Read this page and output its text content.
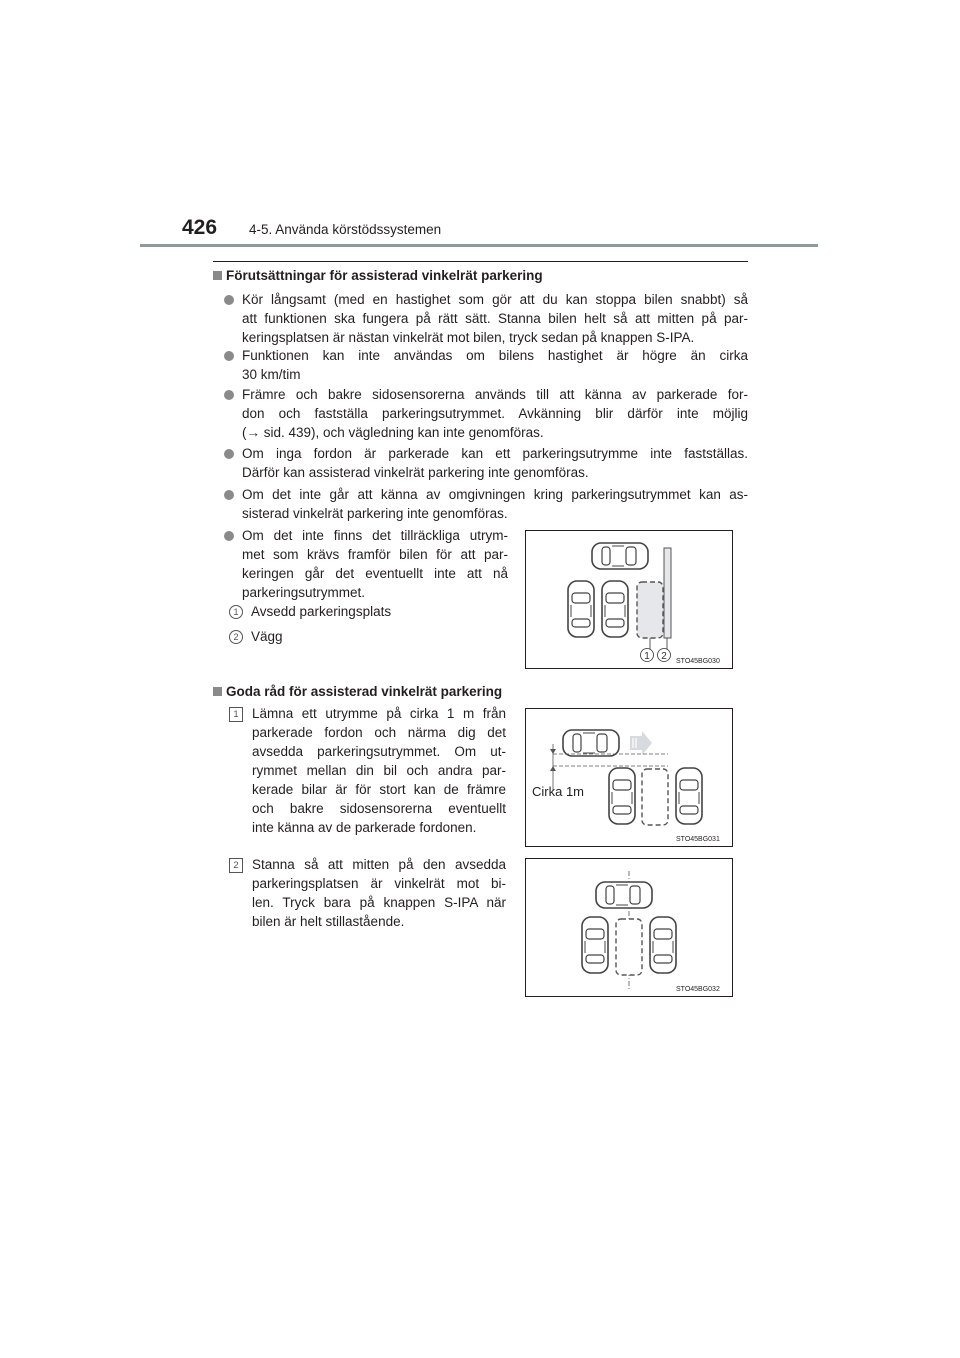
426 4-5. Använda körstödssystemen
Förutsättningar för assisterad vinkelrät parkering
Kör långsamt (med en hastighet som gör att du kan stoppa bilen snabbt) så
att funktionen ska fungera på rätt sätt. Stanna bilen helt så att mitten på par-
keringsplatsen är nästan vinkelrät mot bilen, tryck sedan på knappen S-IPA.
Funktionen kan inte användas om bilens hastighet är högre än cirka
30 km/tim
Främre och bakre sidosensorerna används till att känna av parkerade for-
don och fastställa parkeringsutrymmet. Avkänning blir därför inte möjlig
(→ sid. 439), och vägledning kan inte genomföras.
Om inga fordon är parkerade kan ett parkeringsutrymme inte fastställas.
Därför kan assisterad vinkelrät parkering inte genomföras.
Om det inte går att känna av omgivningen kring parkeringsutrymmet kan as-
sisterad vinkelrät parkering inte genomföras.
Om det inte finns det tillräckliga utrym-
met som krävs framför bilen för att par-
keringen går det eventuellt inte att nå
parkeringsutrymmet.
1 Avsedd parkeringsplats
2 Vägg
1 2 STO45BG030
Goda råd för assisterad vinkelrät parkering
1 Lämna ett utrymme på cirka 1 m från
parkerade fordon och närma dig det
avsedda parkeringsutrymmet. Om ut-
rymmet mellan din bil och andra par-
kerade bilar är för stort kan de främre
och bakre sidosensorerna eventuellt
inte känna av de parkerade fordonen.
Cirka 1m
STO45BG031
2 Stanna så att mitten på den avsedda
parkeringsplatsen är vinkelrät mot bi-
len. Tryck bara på knappen S-IPA när
bilen är helt stillastående.
STO45BG032
